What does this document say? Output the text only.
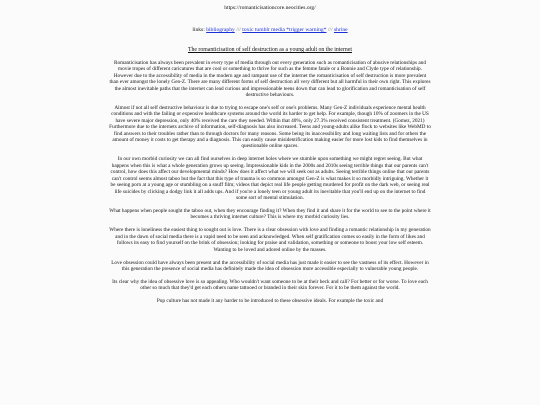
https://romanticisationcore.neocities.org/
links: bibliography /// toxic tumblr media *trigger warning* /// shrine
The romanticisation of self destruction as a young adult on the internet

Romanticisation has always been prevalent in every type of media through out every generation such as romanticisation of abusive relationships and movie tropes of different caricatures that are cool or something to thrive for such as the femme fatale or a Bonnie and Clyde type of relationship. However due to the accessibility of media in the modern age and rampant use of the internet the romanticisation of self destruction is more prevalent than ever amongst the lonely Gen-Z. There are many different forms of self destruction all very different but all harmful in their own right. This explores the almost inevitable paths that the internet can lead curious and impressionable teens down that can lead to glorification and romanticisation of self destructive behaviours.

Almost if not all self destructive behaviour is due to trying to escape one's self or one's problems. Many Gen-Z individuals experience mental health conditions and with the failing or expensive healthcare systems around the world its harder to get help. For example, though 10% of zoomers in the US have severe major depression, only 40% received the care they needed. Within that 40%, only 27.3% received consistent treatment. (Gomez, 2021) Furthermore due to the internets archive of information, self-diagnosis has also increased. Teens and young-adults alike flock to websites like WebMD to find answers to their troubles rather than to through doctors for many reasons. Some being its inaccessibility and long waiting lists and for others the amount of money it costs to get therapy and a diagnosis. This can easily cause misidentification making easier for more lost kids to find themselves in questionable online spaces.

In our own morbid curiosity we can all find ourselves in deep internet holes where we stumble upon something we might regret seeing. But what happens when this is what a whole generation grows up seeing. Impressionable kids in the 2000s and 2010s seeing terrible things that our parents can't control, how does this affect our developmental minds? How does it affect what we will seek out as adults. Seeing terrible things online that our parents can't control seems almost taboo but the fact that this type of trauma is so common amongst Gen-Z is what makes it so morbidly intriguing. Whether it be seeing porn at a young age or stumbling on a snuff film; videos that depict real life people getting murdered for profit on the dark web, or seeing real life suicides by clicking a dodgy link it all adds ups. And if you're a lonely teen or young adult its inevitable that you'll end up on the internet to find some sort of mental stimulation.

What happens when people sought the taboo out, when they encourage finding it? When they find it and share it for the world to see to the point where it becomes a thriving internet culture? This is where my morbid curiosity lies.

Where there is loneliness the easiest thing to sought out is love. There is a clear obsession with love and finding a romantic relationship in my generation and in the dawn of social media there is a vapid need to be seen and acknowledged. When self gratification comes so easily in the form of likes and follows its easy to find yourself on the brink of obsession; looking for praise and validation, something or someone to boost your low self esteem. Wanting to be loved and adored online by the masses.

Love obsession could have always been present and the accessibility of social media has just made it easier to see the vastness of its effect. However in this generation the presence of social media has definitely made the idea of obsession more accessible especially to vulnerable young people.

Its clear why the idea of obsessive love is so appealing. Who wouldn't want someone to be at their beck and call? For better or for worse. To love each other so much that they'd get each others name tattooed or branded in their skin forever. For it to be them against the world.

Pop culture has not made it any harder to be introduced to these obsessive ideals. For example the toxic and
